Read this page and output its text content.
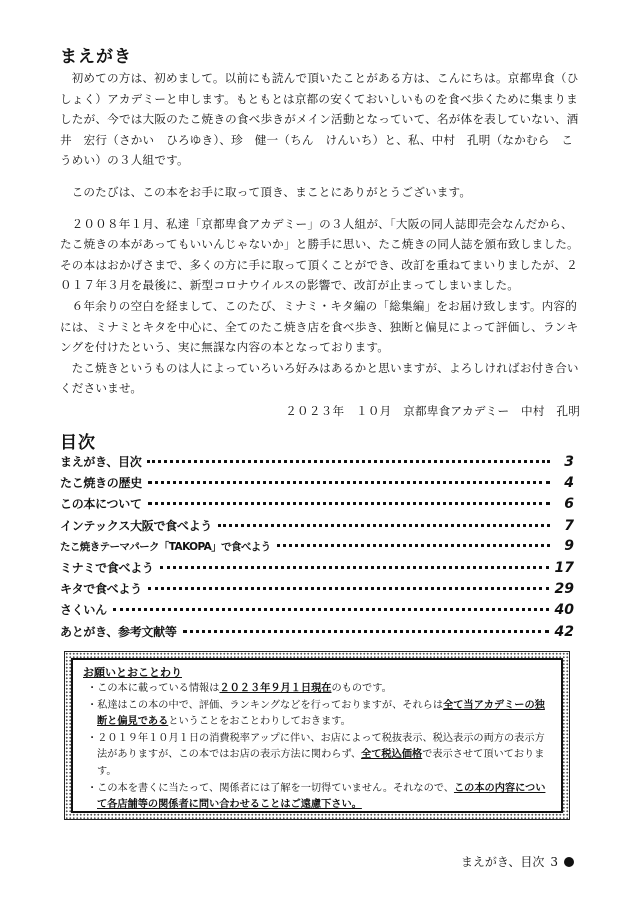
まえがき

初めての方は、初めまして。以前にも読んで頂いたことがある方は、こんにちは。京都卑食（ひしょく）アカデミーと申します。もともとは京都の安くておいしいものを食べ歩くために集まりましたが、今では大阪のたこ焼きの食べ歩きがメイン活動となっていて、名が体を表していない、酒井　宏行（さかい　ひろゆき）、珍　健一（ちん　けんいち）と、私、中村　孔明（なかむら　こうめい）の３人組です。

このたびは、この本をお手に取って頂き、まことにありがとうございます。

２００８年１月、私達「京都卑食アカデミー」の３人組が、「大阪の同人誌即売会なんだから、たこ焼きの本があってもいいんじゃないか」と勝手に思い、たこ焼きの同人誌を頒布致しました。その本はおかげさまで、多くの方に手に取って頂くことができ、改訂を重ねてまいりましたが、２０１７年３月を最後に、新型コロナウイルスの影響で、改訂が止まってしまいました。

６年余りの空白を経まして、このたび、ミナミ・キタ編の「総集編」をお届け致します。内容的には、ミナミとキタを中心に、全てのたこ焼き店を食べ歩き、独断と偏見によって評価し、ランキングを付けたという、実に無謀な内容の本となっております。

たこ焼きというものは人によっていろいろ好みはあるかと思いますが、よろしければお付き合いくださいませ。

２０２３年　１０月　京都卑食アカデミー　中村　孔明

目次
まえがき、目次	3
たこ焼きの歴史	4
この本について	6
インテックス大阪で食べよう	7
たこ焼きテーマパーク「TAKOPA」で食べよう	9
ミナミで食べよう	17
キタで食べよう	29
さくいん	40
あとがき、参考文献等	42
お願いとおことわり

・この本に載っている情報は２０２３年９月１日現在のものです。

・私達はこの本の中で、評価、ランキングなどを行っておりますが、それらは全て当アカデミーの独断と偏見であるということをおことわりしておきます。

・２０１９年１０月１日の消費税率アップに伴い、お店によって税抜表示、税込表示の両方の表示方法がありますが、この本ではお店の表示方法に関わらず、全て税込価格で表示させて頂いております。

・この本を書くに当たって、関係者には了解を一切得ていません。それなので、この本の内容について各店舗等の関係者に問い合わせることはご遠慮下さい。

まえがき、目次 3
